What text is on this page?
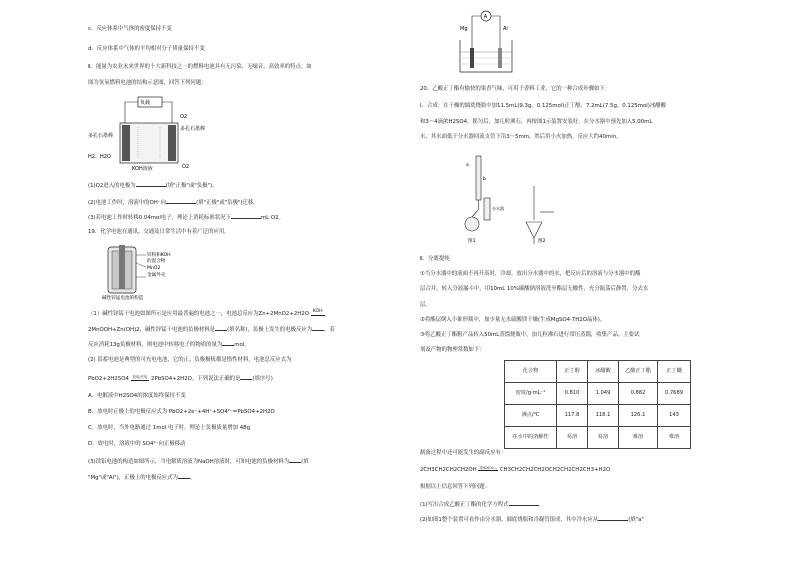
c．反应体系中气体的密度保持不变
d．反应体系中气体的平均相对分子质量保持不变
Ⅱ．能量为农业未来世界的十大新科技之一的燃料电池具有无污染、无噪音、高效率的特点。如
图为氢氧燃料电池的结构示意图，回答下列问题：
负载
O2
多孔石墨棒
多孔石墨棒
H2、H2O
KOH溶液	O2
(1)O2进入的电极为	(填"正极"或"负极")。
(2)电池工作时，溶液中的OH⁻向	(填"正极"或"负极")迁移。
(3)若电池工作时转移0.04mol电子，理论上消耗标准状况下	mL O2。
19．化学电池在通讯、交通及日常生活中有着广泛的应用。
锌粉和KOH
的混合物
MnO2
金属外壳
碱性锌锰电池的构造
（1）碱性锌锰干电池如图所示是应用最普遍的电池之一，电池总反应为Zn+2MnO2+2H2O KOH
2MnOOH+Zn(OH)2，碱性锌锰干电池的负极材料是 (填名称)，负极上发生的电极反应为 。若
反应消耗13g负极材料，则电池中转移电子的物质的量为 mol。
(2) 铅蓄电池是典型的可充电电池，它的正、负极极板都是惰性材料，电池总反应式为
PbO2+2H2SO4 放电/充电 2PbSO4+2H2O。下列说法正确的是 (填序号)
A．电解液中H2SO4的浓度始终保持不变
B．放电时正极上的电极反应式为 PbO2+2e⁻+4H⁺+SO4²⁻=PbSO4+2H2O
C．放电时，当外电路通过 1mol 电子时，理论上负极质量增加 48g
D．放电时，溶液中的 SO4²⁻向正极移动
(3)镁铝电池的构造如图所示，当电解质溶液为NaOH溶液时，可知电池的负极材料为 (填
"Mg"或"Al")，正极上的电极反应式为 。
A
Mg	Al
20．乙酸正丁酯有愉快的果香气味，可用于香料工业，它的一种合成步骤如下：
Ⅰ．合成：在干燥的圆底烧瓶中加11.5mL(9.3g，0.125mol)正丁醇、7.2mL(7.5g，0.125mol)冰醋酸
和3～4滴浓H2SO4，摇匀后，加几粒沸石，再按图1示装置安装好。在分水器中预先加入5.00mL
水，其水面低于分水器回流支管下沿3～5mm，然后用小火加热，反应大约40min。
a
b
分水器
图1	图2
Ⅱ．分离提纯
①当分水器中的液面不再升高时，冷却，放出分水器中的水，把反应后的溶液与分水器中的酯
层合并，转入分液漏斗中，用10mL 10%碳酸钠溶液洗至酯层无酸性，充分振荡后静置，分去水
层。
②将酯层倒入小锥形瓶中，加少量无水硫酸镁干燥(生成MgSO4·7H2O晶体)。
③将乙酸正丁酯粗产品转入50mL蒸馏烧瓶中，加几粒沸石进行常压蒸馏，收集产品。主要试
剂及产物的物理常数如下：
化合物	正丁醇	冰醋酸	乙酸正丁酯	正丁醚
密度/g·mL⁻¹	0.810	1.049	0.882	0.7689
沸点/℃	117.8	118.1	126.1	143
在水中的溶解性	易溶	易溶	难溶	难溶
制备过程中还可能发生的副反应有：
2CH3CH2CH2CH2OH 浓H2SO4 △ CH3CH2CH2CH2OCH2CH2CH2CH3+H2O
根据以上信息回答下列问题：
(1)写出合成乙酸正丁酯的化学方程式	。
(2)如图1整个装置可看作由分水器、圆底烧瓶和冷凝管组成，其中冷水应从	(填"a"
